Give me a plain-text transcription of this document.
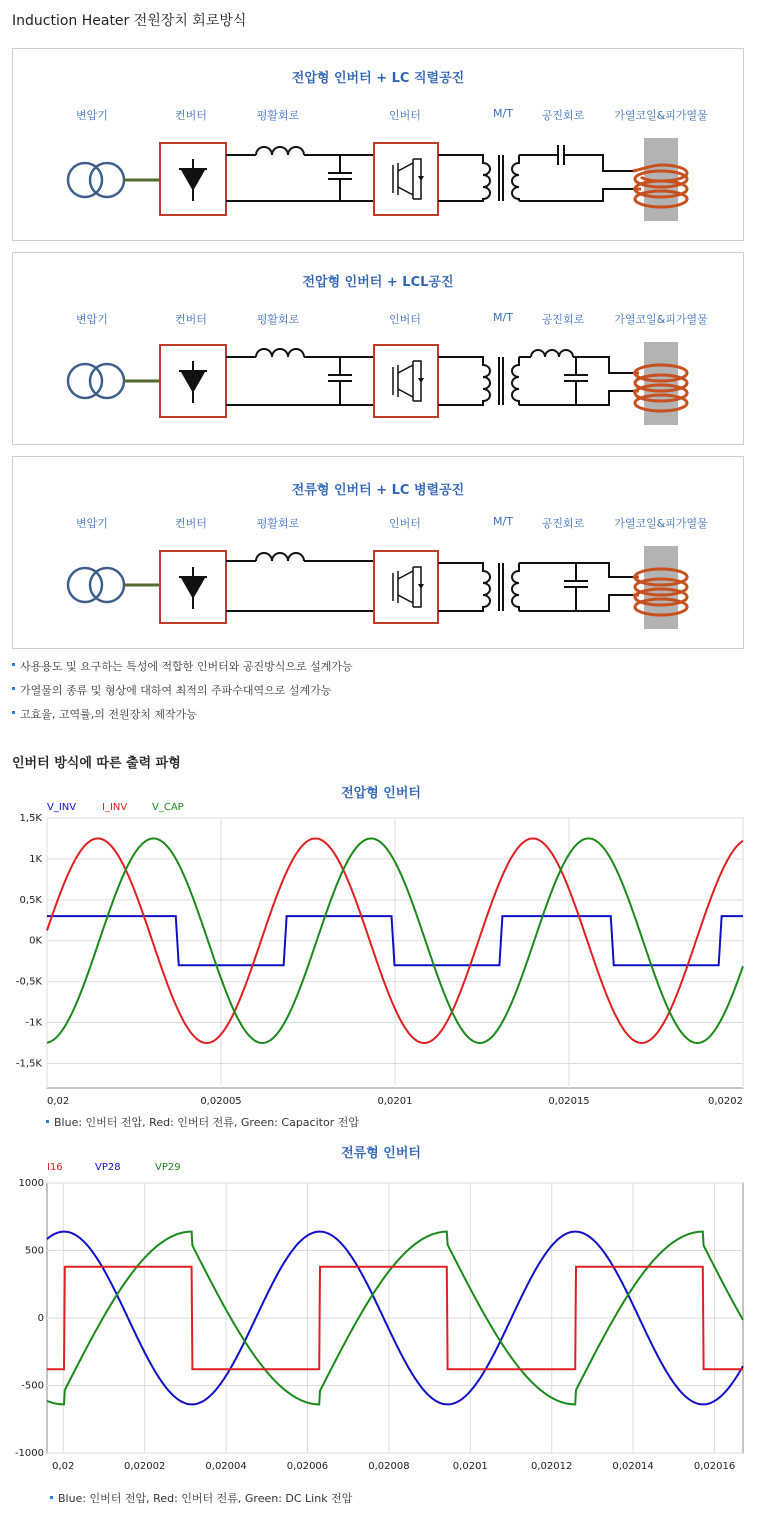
Induction Heater 전원장치 회로방식
전압형 인버터 + LC 직렬공진
변압기	컨버터	평활회로	인버터	M/T	공진회로	가열코일&피가열물
전압형 인버터 + LCL공진
변압기	컨버터	평활회로	인버터	M/T	공진회로	가열코일&피가열물
전류형 인버터 + LC 병렬공진
변압기	컨버터	평활회로	인버터	M/T	공진회로	가열코일&피가열물
사용용도 및 요구하는 특성에 적합한 인버터와 공진방식으로 설계가능
가열물의 종류 및 형상에 대하여 최적의 주파수대역으로 설계가능
고효율, 고역률,의 전원장치 제작가능
인버터 방식에 따른 출력 파형
전압형 인버터
1,5K
1K
0,5K
0K
-0,5K
-1K
-1,5K
0,02	0,02005	0,0201	0,02015	0,0202
V_INV	I_INV V_CAP
Blue: 인버터 전압, Red: 인버터 전류, Green: Capacitor 전압
전류형 인버터
1000
500
0
-500
-1000
0,02	0,02002	0,02004	0,02006	0,02008	0,0201	0,02012	0,02014	0,02016
I16	VP28	VP29
Blue: 인버터 전압, Red: 인버터 전류, Green: DC Link 전압
